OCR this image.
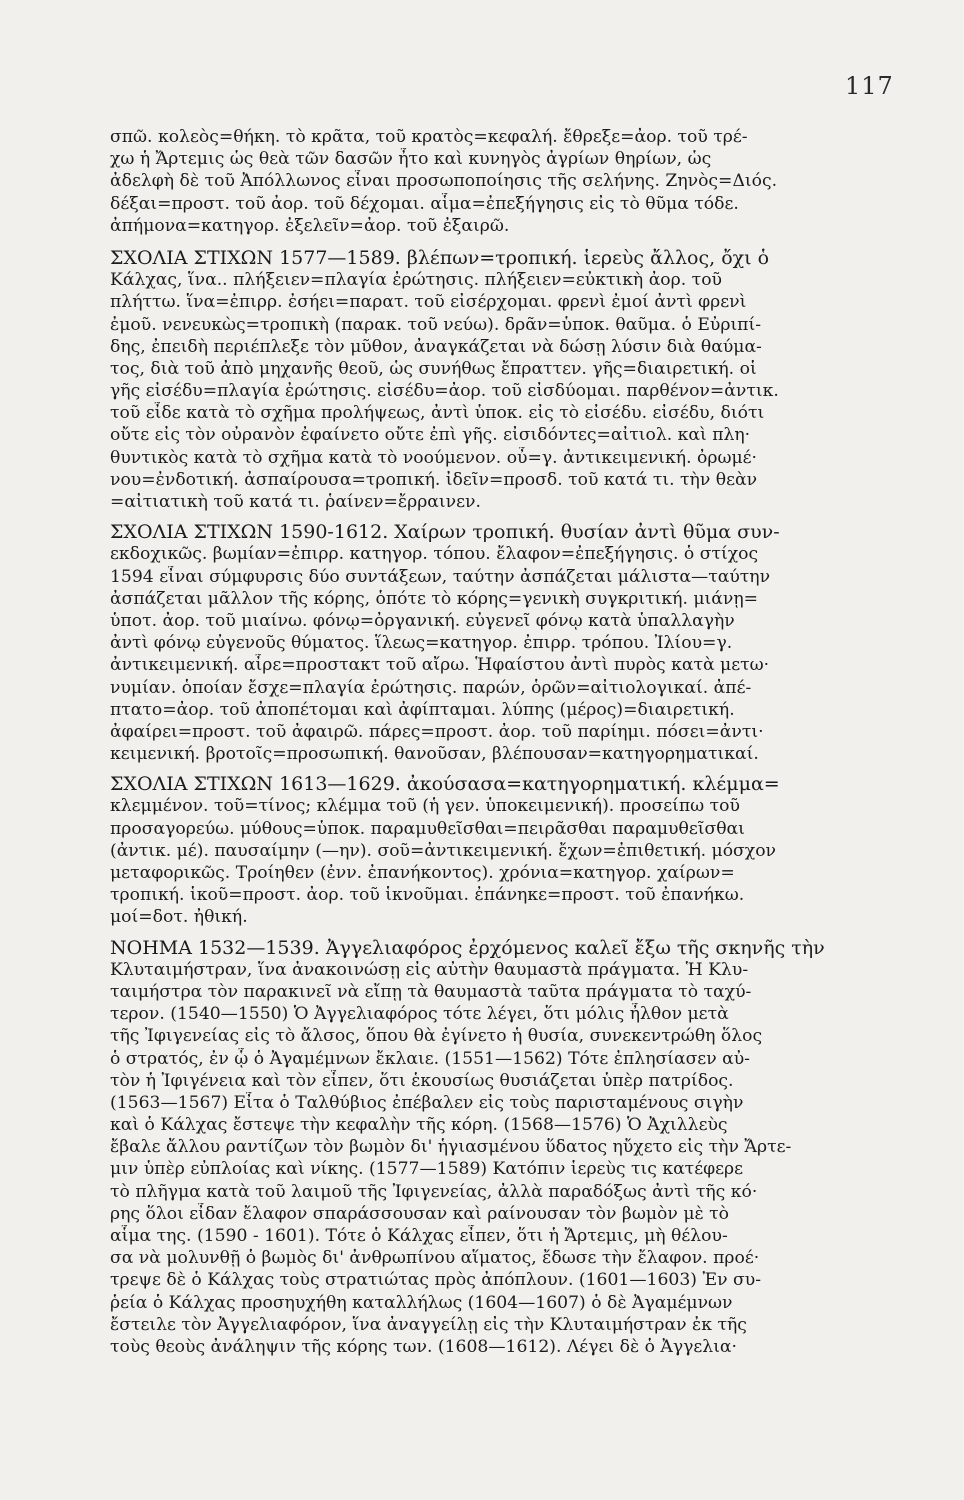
117
σπῶ. κολεὸς=θήκη. τὸ κρᾶτα, τοῦ κρατὸς=κεφαλή. ἔθρεξε=ἀορ. τοῦ τρέ-
χω ἡ Ἄρτεμις ὡς θεὰ τῶν δασῶν ἦτο καὶ κυνηγὸς ἀγρίων θηρίων, ὡς
ἀδελφὴ δὲ τοῦ Ἀπόλλωνος εἶναι προσωποποίησις τῆς σελήνης. Ζηνὸς=Διός.
δέξαι=προστ. τοῦ ἀορ. τοῦ δέχομαι. αἷμα=ἐπεξήγησις εἰς τὸ θῦμα τόδε.
ἀπήμονα=κατηγορ. ἐξελεῖν=ἀορ. τοῦ ἐξαιρῶ.
ΣΧΟΛΙΑ ΣΤΙΧΩΝ 1577—1589. βλέπων=τροπική. ἱερεὺς ἄλλος, ὄχι ὁ
Κάλχας, ἵνα.. πλήξειεν=πλαγία ἐρώτησις. πλήξειεν=εὐκτικὴ ἀορ. τοῦ
πλήττω. ἵνα=ἐπιρρ. ἐσήει=παρατ. τοῦ εἰσέρχομαι. φρενὶ ἐμοί ἀντὶ φρενὶ
ἐμοῦ. νενευκὼς=τροπικὴ (παρακ. τοῦ νεύω). δρᾶν=ὑποκ. θαῦμα. ὁ Εὐριπί-
δης, ἐπειδὴ περιέπλεξε τὸν μῦθον, ἀναγκάζεται νὰ δώσῃ λύσιν διὰ θαύμα-
τος, διὰ τοῦ ἀπὸ μηχανῆς θεοῦ, ὡς συνήθως ἔπραττεν. γῆς=διαιρετική. οἱ
γῆς εἰσέδυ=πλαγία ἐρώτησις. εἰσέδυ=ἀορ. τοῦ εἰσδύομαι. παρθένον=ἀντικ.
τοῦ εἶδε κατὰ τὸ σχῆμα προλήψεως, ἀντὶ ὑποκ. εἰς τὸ εἰσέδυ. εἰσέδυ, διότι
οὔτε εἰς τὸν οὐρανὸν ἐφαίνετο οὔτε ἐπὶ γῆς. εἰσιδόντες=αἰτιολ. καὶ πλη·
θυντικὸς κατὰ τὸ σχῆμα κατὰ τὸ νοούμενον. οὖ=γ. ἀντικειμενική. ὀρωμέ·
νου=ἐνδοτική. ἀσπαίρουσα=τροπική. ἰδεῖν=προσδ. τοῦ κατά τι. τὴν θεὰν
=αἰτιατικὴ τοῦ κατά τι. ῥαίνεν=ἔρραινεν.
ΣΧΟΛΙΑ ΣΤΙΧΩΝ 1590-1612. Χαίρων τροπική. θυσίαν ἀντὶ θῦμα συν-
εκδοχικῶς. βωμίαν=ἐπιρρ. κατηγορ. τόπου. ἔλαφον=ἐπεξήγησις. ὁ στίχος
1594 εἶναι σύμφυρσις δύο συντάξεων, ταύτην ἀσπάζεται μάλιστα—ταύτην
ἀσπάζεται μᾶλλον τῆς κόρης, ὁπότε τὸ κόρης=γενικὴ συγκριτική. μιάνῃ=
ὑποτ. ἀορ. τοῦ μιαίνω. φόνῳ=ὀργανική. εὐγενεῖ φόνῳ κατὰ ὑπαλλαγὴν
ἀντὶ φόνῳ εὐγενοῦς θύματος. ἵλεως=κατηγορ. ἐπιρρ. τρόπου. Ἰλίου=γ.
ἀντικειμενική. αἶρε=προστακτ τοῦ αἴρω. Ἡφαίστου ἀντὶ πυρὸς κατὰ μετω·
νυμίαν. ὁποίαν ἔσχε=πλαγία ἐρώτησις. παρών, ὁρῶν=αἰτιολογικαί. ἀπέ-
πτατο=ἀορ. τοῦ ἀποπέτομαι καὶ ἀφίπταμαι. λύπης (μέρος)=διαιρετική.
ἀφαίρει=προστ. τοῦ ἀφαιρῶ. πάρες=προστ. ἀορ. τοῦ παρίημι. πόσει=ἀντι·
κειμενική. βροτοῖς=προσωπική. θανοῦσαν, βλέπουσαν=κατηγορηματικαί.
ΣΧΟΛΙΑ ΣΤΙΧΩΝ 1613—1629. ἀκούσασα=κατηγορηματική. κλέμμα=
κλεμμένον. τοῦ=τίνος; κλέμμα τοῦ (ἡ γεν. ὑποκειμενική). προσείπω τοῦ
προσαγορεύω. μύθους=ὑποκ. παραμυθεῖσθαι=πειρᾶσθαι παραμυθεῖσθαι
(ἀντικ. μέ). παυσαίμην (—ην). σοῦ=ἀντικειμενική. ἔχων=ἐπιθετική. μόσχον
μεταφορικῶς. Τροίηθεν (ἐνν. ἐπανήκοντος). χρόνια=κατηγορ. χαίρων=
τροπική. ἱκοῦ=προστ. ἀορ. τοῦ ἱκνοῦμαι. ἐπάνηκε=προστ. τοῦ ἐπανήκω.
μοί=δοτ. ἠθική.
ΝΟΗΜΑ 1532—1539. Ἀγγελιαφόρος ἐρχόμενος καλεῖ ἔξω τῆς σκηνῆς τὴν
Κλυταιμήστραν, ἵνα ἀνακοινώσῃ εἰς αὐτὴν θαυμαστὰ πράγματα. Ἡ Κλυ-
ταιμήστρα τὸν παρακινεῖ νὰ εἴπῃ τὰ θαυμαστὰ ταῦτα πράγματα τὸ ταχύ-
τερον. (1540—1550) Ὁ Ἀγγελιαφόρος τότε λέγει, ὅτι μόλις ἦλθον μετὰ
τῆς Ἰφιγενείας εἰς τὸ ἄλσος, ὅπου θὰ ἐγίνετο ἡ θυσία, συνεκεντρώθη ὅλος
ὁ στρατός, ἐν ᾧ ὁ Ἀγαμέμνων ἔκλαιε. (1551—1562) Τότε ἐπλησίασεν αὐ-
τὸν ἡ Ἰφιγένεια καὶ τὸν εἶπεν, ὅτι ἑκουσίως θυσιάζεται ὑπὲρ πατρίδος.
(1563—1567) Εἶτα ὁ Ταλθύβιος ἐπέβαλεν εἰς τοὺς παρισταμένους σιγὴν
καὶ ὁ Κάλχας ἔστεψε τὴν κεφαλὴν τῆς κόρη. (1568—1576) Ὁ Ἀχιλλεὺς
ἔβαλε ἄλλου ραντίζων τὸν βωμὸν δι' ἡγιασμένου ὕδατος ηὔχετο εἰς τὴν Ἄρτε-
μιν ὑπὲρ εὐπλοίας καὶ νίκης. (1577—1589) Κατόπιν ἱερεὺς τις κατέφερε
τὸ πλῆγμα κατὰ τοῦ λαιμοῦ τῆς Ἰφιγενείας, ἀλλὰ παραδόξως ἀντὶ τῆς κό·
ρης ὅλοι εἶδαν ἔλαφον σπαράσσουσαν καὶ ραίνουσαν τὸν βωμὸν μὲ τὸ
αἷμα της. (1590 - 1601). Τότε ὁ Κάλχας εἶπεν, ὅτι ἡ Ἄρτεμις, μὴ θέλου-
σα νὰ μολυνθῇ ὁ βωμὸς δι' ἀνθρωπίνου αἵματος, ἔδωσε τὴν ἔλαφον. προέ·
τρεψε δὲ ὁ Κάλχας τοὺς στρατιώτας πρὸς ἀπόπλουν. (1601—1603) Ἐν συ-
ῥεία ὁ Κάλχας προσηυχήθη καταλλήλως (1604—1607) ὁ δὲ Ἀγαμέμνων
ἔστειλε τὸν Ἀγγελιαφόρον, ἵνα ἀναγγείλῃ εἰς τὴν Κλυταιμήστραν ἐκ τῆς
τοὺς θεοὺς ἀνάληψιν τῆς κόρης των. (1608—1612). Λέγει δὲ ὁ Ἀγγελια·
